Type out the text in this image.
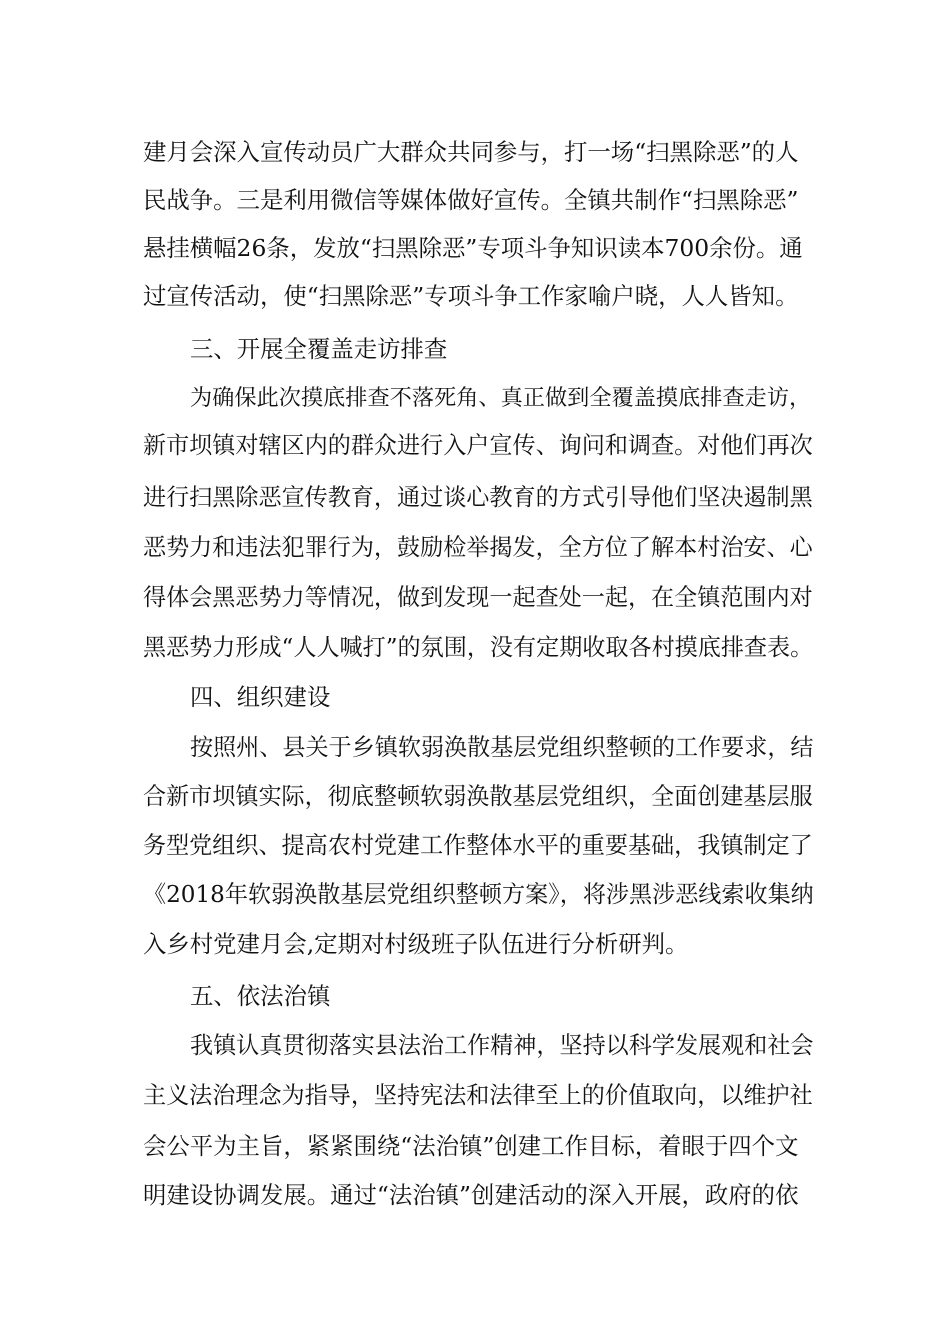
建月会深入宣传动员广大群众共同参与，打一场“扫黑除恶”的人
民战争。三是利用微信等媒体做好宣传。全镇共制作“扫黑除恶”
悬挂横幅26条，发放“扫黑除恶”专项斗争知识读本700余份。通
过宣传活动，使“扫黑除恶”专项斗争工作家喻户晓，人人皆知。
三、开展全覆盖走访排查
为确保此次摸底排查不落死角、真正做到全覆盖摸底排查走访，
新市坝镇对辖区内的群众进行入户宣传、询问和调查。对他们再次
进行扫黑除恶宣传教育，通过谈心教育的方式引导他们坚决遏制黑
恶势力和违法犯罪行为，鼓励检举揭发，全方位了解本村治安、心
得体会黑恶势力等情况，做到发现一起查处一起，在全镇范围内对
黑恶势力形成“人人喊打”的氛围，没有定期收取各村摸底排查表。
四、组织建设
按照州、县关于乡镇软弱涣散基层党组织整顿的工作要求，结
合新市坝镇实际，彻底整顿软弱涣散基层党组织，全面创建基层服
务型党组织、提高农村党建工作整体水平的重要基础，我镇制定了
《2018年软弱涣散基层党组织整顿方案》，将涉黑涉恶线索收集纳
入乡村党建月会,定期对村级班子队伍进行分析研判。
五、依法治镇
我镇认真贯彻落实县法治工作精神，坚持以科学发展观和社会
主义法治理念为指导，坚持宪法和法律至上的价值取向，以维护社
会公平为主旨，紧紧围绕“法治镇”创建工作目标，着眼于四个文
明建设协调发展。通过“法治镇”创建活动的深入开展，政府的依
